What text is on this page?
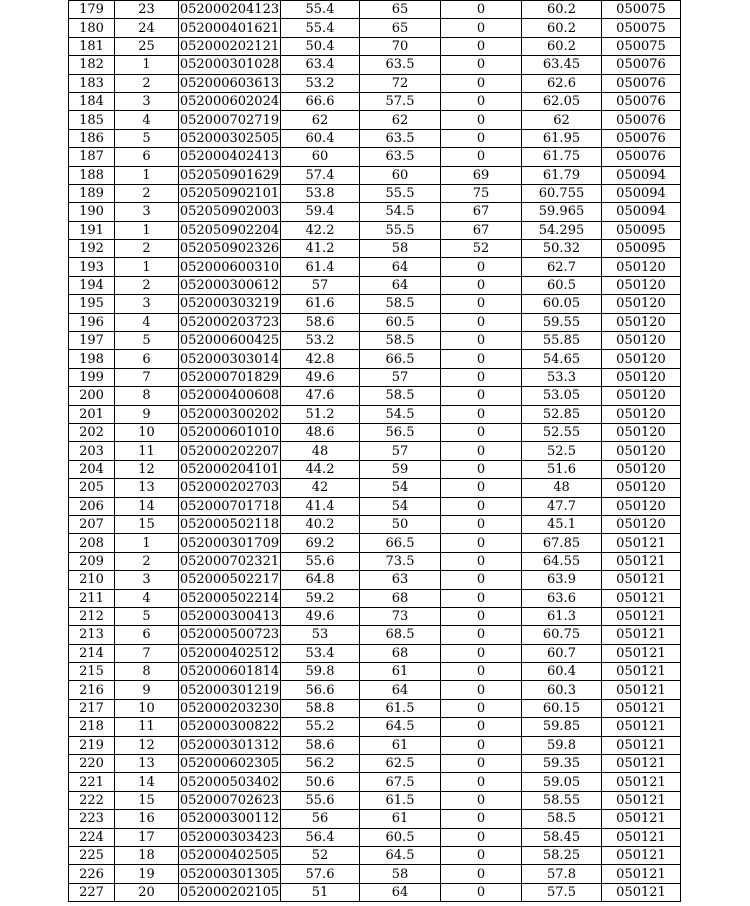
179	23	052000204123	55.4	65	0	60.2	050075
180	24	052000401621	55.4	65	0	60.2	050075
181	25	052000202121	50.4	70	0	60.2	050075
182	1	052000301028	63.4	63.5	0	63.45	050076
183	2	052000603613	53.2	72	0	62.6	050076
184	3	052000602024	66.6	57.5	0	62.05	050076
185	4	052000702719	62	62	0	62	050076
186	5	052000302505	60.4	63.5	0	61.95	050076
187	6	052000402413	60	63.5	0	61.75	050076
188	1	052050901629	57.4	60	69	61.79	050094
189	2	052050902101	53.8	55.5	75	60.755	050094
190	3	052050902003	59.4	54.5	67	59.965	050094
191	1	052050902204	42.2	55.5	67	54.295	050095
192	2	052050902326	41.2	58	52	50.32	050095
193	1	052000600310	61.4	64	0	62.7	050120
194	2	052000300612	57	64	0	60.5	050120
195	3	052000303219	61.6	58.5	0	60.05	050120
196	4	052000203723	58.6	60.5	0	59.55	050120
197	5	052000600425	53.2	58.5	0	55.85	050120
198	6	052000303014	42.8	66.5	0	54.65	050120
199	7	052000701829	49.6	57	0	53.3	050120
200	8	052000400608	47.6	58.5	0	53.05	050120
201	9	052000300202	51.2	54.5	0	52.85	050120
202	10	052000601010	48.6	56.5	0	52.55	050120
203	11	052000202207	48	57	0	52.5	050120
204	12	052000204101	44.2	59	0	51.6	050120
205	13	052000202703	42	54	0	48	050120
206	14	052000701718	41.4	54	0	47.7	050120
207	15	052000502118	40.2	50	0	45.1	050120
208	1	052000301709	69.2	66.5	0	67.85	050121
209	2	052000702321	55.6	73.5	0	64.55	050121
210	3	052000502217	64.8	63	0	63.9	050121
211	4	052000502214	59.2	68	0	63.6	050121
212	5	052000300413	49.6	73	0	61.3	050121
213	6	052000500723	53	68.5	0	60.75	050121
214	7	052000402512	53.4	68	0	60.7	050121
215	8	052000601814	59.8	61	0	60.4	050121
216	9	052000301219	56.6	64	0	60.3	050121
217	10	052000203230	58.8	61.5	0	60.15	050121
218	11	052000300822	55.2	64.5	0	59.85	050121
219	12	052000301312	58.6	61	0	59.8	050121
220	13	052000602305	56.2	62.5	0	59.35	050121
221	14	052000503402	50.6	67.5	0	59.05	050121
222	15	052000702623	55.6	61.5	0	58.55	050121
223	16	052000300112	56	61	0	58.5	050121
224	17	052000303423	56.4	60.5	0	58.45	050121
225	18	052000402505	52	64.5	0	58.25	050121
226	19	052000301305	57.6	58	0	57.8	050121
227	20	052000202105	51	64	0	57.5	050121
